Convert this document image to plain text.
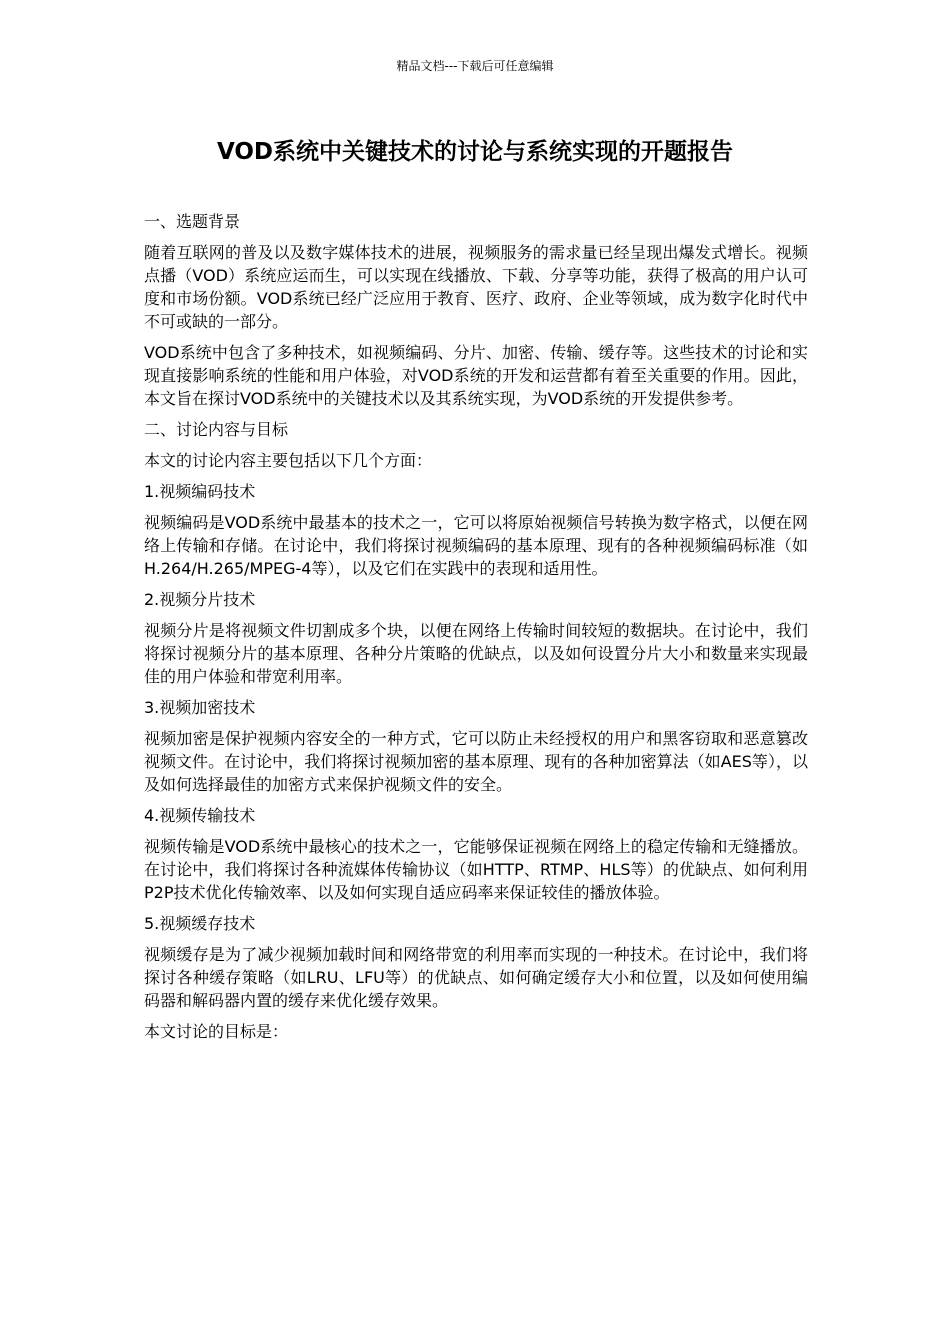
精品文档---下载后可任意编辑
VOD系统中关键技术的讨论与系统实现的开题报告

一、选题背景

随着互联网的普及以及数字媒体技术的进展，视频服务的需求量已经呈现出爆发式增长。视频点播（VOD）系统应运而生，可以实现在线播放、下载、分享等功能，获得了极高的用户认可度和市场份额。VOD系统已经广泛应用于教育、医疗、政府、企业等领域，成为数字化时代中不可或缺的一部分。

VOD系统中包含了多种技术，如视频编码、分片、加密、传输、缓存等。这些技术的讨论和实现直接影响系统的性能和用户体验，对VOD系统的开发和运营都有着至关重要的作用。因此，本文旨在探讨VOD系统中的关键技术以及其系统实现，为VOD系统的开发提供参考。

二、讨论内容与目标

本文的讨论内容主要包括以下几个方面：

1.视频编码技术

视频编码是VOD系统中最基本的技术之一，它可以将原始视频信号转换为数字格式，以便在网络上传输和存储。在讨论中，我们将探讨视频编码的基本原理、现有的各种视频编码标准（如H.264/H.265/MPEG-4等），以及它们在实践中的表现和适用性。

2.视频分片技术

视频分片是将视频文件切割成多个块，以便在网络上传输时间较短的数据块。在讨论中，我们将探讨视频分片的基本原理、各种分片策略的优缺点，以及如何设置分片大小和数量来实现最佳的用户体验和带宽利用率。

3.视频加密技术

视频加密是保护视频内容安全的一种方式，它可以防止未经授权的用户和黑客窃取和恶意篡改视频文件。在讨论中，我们将探讨视频加密的基本原理、现有的各种加密算法（如AES等），以及如何选择最佳的加密方式来保护视频文件的安全。

4.视频传输技术

视频传输是VOD系统中最核心的技术之一，它能够保证视频在网络上的稳定传输和无缝播放。在讨论中，我们将探讨各种流媒体传输协议（如HTTP、RTMP、HLS等）的优缺点、如何利用P2P技术优化传输效率、以及如何实现自适应码率来保证较佳的播放体验。

5.视频缓存技术

视频缓存是为了减少视频加载时间和网络带宽的利用率而实现的一种技术。在讨论中，我们将探讨各种缓存策略（如LRU、LFU等）的优缺点、如何确定缓存大小和位置，以及如何使用编码器和解码器内置的缓存来优化缓存效果。

本文讨论的目标是：
